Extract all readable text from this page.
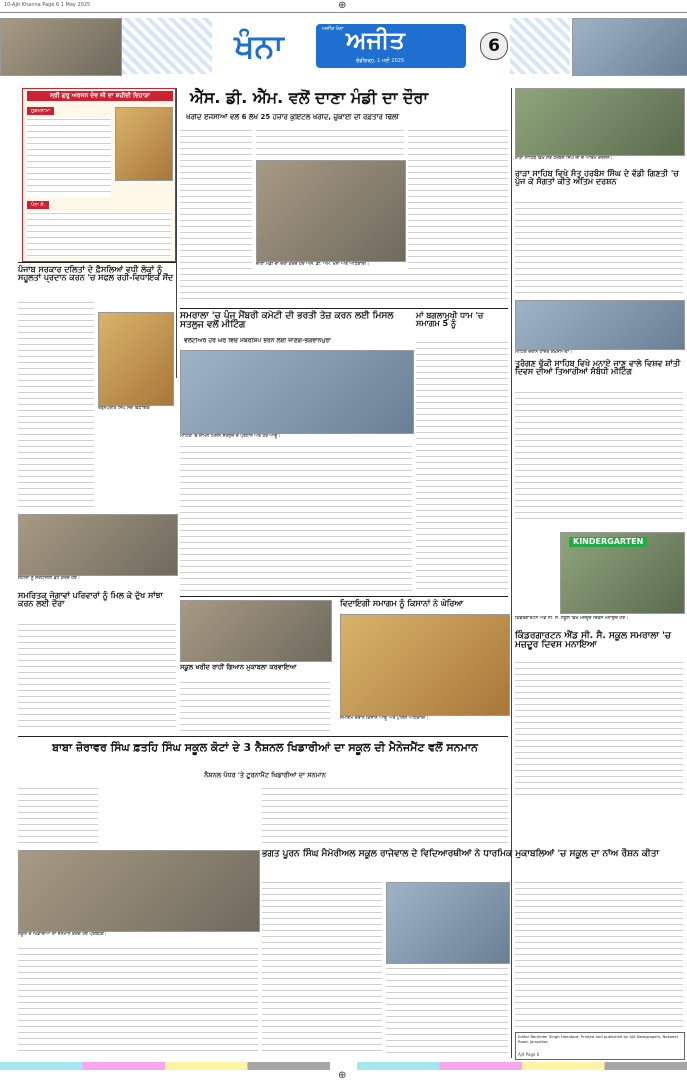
10-Ajit Khanna Page 6 1 May 2025	⊕
ਖੰਨਾ	ਅਜੀਤ ਖੰਨਾ ਅਜੀਤ
ਚੰਡੀਗੜ੍ਹ, 1 ਮਈ 2025
6
ਸ੍ਰੀ ਗੁਰੂ ਅਰਜਨ ਦੇਵ ਜੀ ਦਾ ਸ਼ਹੀਦੀ ਦਿਹਾੜਾ
ਹੁਕਮਨਾਮਾ
ਪੰਨਾ ਨੰ.
ਐੱਸ. ਡੀ. ਐੱਮ. ਵਲੋਂ ਦਾਣਾ ਮੰਡੀ ਦਾ ਦੌਰਾ
ਖਰੀਦ ਏਜੰਸੀਆਂ ਵਲੋਂ 6 ਲੱਖ 25 ਹਜ਼ਾਰ ਕੁਇੰਟਲ ਖਰੀਦ, ਚੁਕਾਈ ਦੀ ਰਫ਼ਤਾਰ ਢਿੱਲੀ
ਦਾਣਾ ਮੰਡੀ ਦਾ ਦੌਰਾ ਕਰਦੇ ਹੋਏ ਐੱਸ. ਡੀ. ਐੱਮ. ਖੰਨਾ ਅਤੇ ਅਧਿਕਾਰੀ।
ਰਾੜਾ ਸਾਹਿਬ ਵਿਖੇ ਸੰਤ ਹਰਬੰਸ ਸਿੰਘ ਜੀ ਦੇ ਅੰਤਿਮ ਦਰਸ਼ਨ।
ਰਾੜਾ ਸਾਹਿਬ ਵਿਖੇ ਸੰਤ ਹਰਬੰਸ ਸਿੰਘ ਦੇ ਵੱਡੀ ਗਿਣਤੀ 'ਚ ਪੁੱਜ ਕੇ ਸੰਗਤਾਂ ਕੀਤੇ ਅੰਤਿਮ ਦਰਸ਼ਨ
ਮੀਟਿੰਗ ਦੌਰਾਨ ਹਾਜ਼ਰ ਸ਼ਖ਼ਸੀਅਤਾਂ।
ਤੁਰੰਗਣ ਢੱਕੀ ਸਾਹਿਬ ਵਿਖੇ ਮਨਾਏ ਜਾਣ ਵਾਲੇ ਵਿਸ਼ਵ ਸ਼ਾਂਤੀ ਦਿਵਸ ਦੀਆਂ ਤਿਆਰੀਆਂ ਸੰਬੰਧੀ ਮੀਟਿੰਗ
KINDERGARTEN
ਕਿੰਡਰਗਾਰਟਨ ਐਂਡ ਸੀ. ਸੈ. ਸਕੂਲ ਵਿਖੇ ਮਜ਼ਦੂਰ ਦਿਵਸ ਮਨਾਉਂਦੇ ਹੋਏ।
ਕਿੰਡਰਗਾਰਟਨ ਐਂਡ ਸੀ. ਸੈ. ਸਕੂਲ ਸਮਰਾਲਾ 'ਚ ਮਜ਼ਦੂਰ ਦਿਵਸ ਮਨਾਇਆ
ਪੰਜਾਬ ਸਰਕਾਰ ਦਲਿਤਾਂ ਦੇ ਫ਼ੈਸਲਿਆਂ ਵਧੀ ਲੋਕਾਂ ਨੂੰ ਸਹੂਲਤਾਂ ਪ੍ਰਦਾਨ ਕਰਨ 'ਚ ਸਫਲ ਰਹੀ-ਵਿਧਾਇਕ ਸੌਂਦ
ਤਰੁਨਪ੍ਰੀਤ ਸਿੰਘ ਸੌਂਦ ਵਿਧਾਇਕ
ਸ਼ਹੀਦਾਂ ਨੂੰ ਸ਼ਰਧਾਂਜਲੀ ਭੇਟ ਕਰਦੇ ਹੋਏ।
ਸਮਰਿਤਕ ਜੋਗਾਵਾਂ ਪਰਿਵਾਰਾਂ ਨੂੰ ਮਿਲ ਕੇ ਦੁੱਖ ਸਾਂਝਾ ਕਰਨ ਲਈ ਦੌਰਾ
ਸਮਰਾਲਾ 'ਚ ਪੰਜ ਮੈਂਬਰੀ ਕਮੇਟੀ ਦੀ ਭਰਤੀ ਤੇਜ਼ ਕਰਨ ਲਈ ਮਿਸਲ ਸਤਲੁਜ ਵਲੋਂ ਮੀਟਿੰਗ
ਵਲੰਟੀਅਰ ਹਰ ਘਰ ਵਿਚ ਮੈਂਬਰਸ਼ਿਪ ਭਰਨ ਲਈ ਜਾਣਗੇ-ਭਗਵਾਨਪੁਰਾ
ਮੀਟਿੰਗ 'ਚ ਸ਼ਾਮਲ ਮਿਸਲ ਸਤਲੁਜ ਦੇ ਪ੍ਰਧਾਨ ਅਤੇ ਹੋਰ ਆਗੂ।
ਮਾਂ ਬਗਲਾਮੁਖੀ ਧਾਮ 'ਚ ਸਮਾਗਮ 5 ਨੂੰ
ਸਕੂਲ ਖਰੀਦ ਰਾਹੀਂ ਗਿਆਨ ਮੁਕਾਬਲਾ ਕਰਵਾਇਆ
ਵਿਦਾਇਗੀ ਸਮਾਗਮ ਨੂੰ ਕਿਸਾਨਾਂ ਨੇ ਘੇਰਿਆ
ਸਮਾਗਮ ਦੌਰਾਨ ਕਿਸਾਨ ਆਗੂ ਅਤੇ ਪੁਲਿਸ ਅਧਿਕਾਰੀ।
ਬਾਬਾ ਜ਼ੋਰਾਵਰ ਸਿੰਘ ਫ਼ਤਹਿ ਸਿੰਘ ਸਕੂਲ ਕੋਟਾਂ ਦੇ 3 ਨੈਸ਼ਨਲ ਖਿਡਾਰੀਆਂ ਦਾ ਸਕੂਲ ਦੀ ਮੈਨੇਜਮੈਂਟ ਵਲੋਂ ਸਨਮਾਨ
ਨੈਸ਼ਨਲ ਪੱਧਰ 'ਤੇ ਟੂਰਨਾਮੈਂਟ ਖਿਡਾਰੀਆਂ ਦਾ ਸਨਮਾਨ
ਸਕੂਲ ਦੇ ਖਿਡਾਰੀਆਂ ਦਾ ਸਨਮਾਨ ਕਰਦੇ ਹੋਏ ਪ੍ਰਬੰਧਕ।
ਭਗਤ ਪੂਰਨ ਸਿੰਘ ਮੈਮੋਰੀਅਲ ਸਕੂਲ ਰਾਜੇਵਾਲ ਦੇ ਵਿਦਿਆਰਥੀਆਂ ਨੇ ਧਾਰਮਿਕ ਮੁਕਾਬਲਿਆਂ 'ਚ ਸਕੂਲ ਦਾ ਨਾਂਅ ਰੌਸ਼ਨ ਕੀਤਾ
Editor Barjinder Singh Hamdard. Printed and published by Ajit Newspapers, Nakodar Road, Jalandhar.
Ajit Page 6
⊕
